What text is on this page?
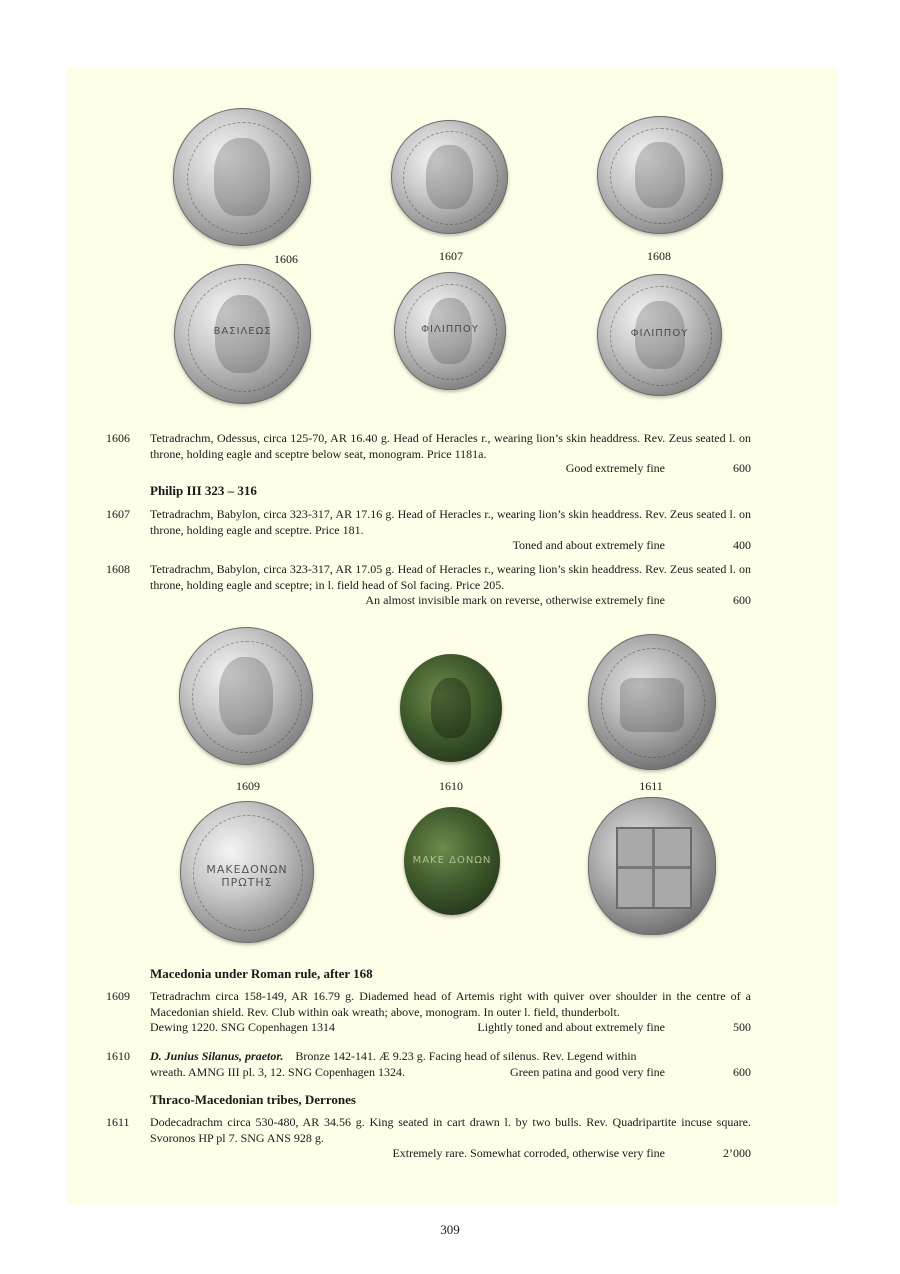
1606	1607	1608
ΒΑΣΙΛΕΩΣ	ΦΙΛΙΠΠΟΥ	ΦΙΛΙΠΠΟΥ
1606 Tetradrachm, Odessus, circa 125-70, AR 16.40 g. Head of Heracles r., wearing lion’s skin headdress. Rev. Zeus seated l. on throne, holding eagle and sceptre below seat, monogram. Price 1181a.
Good extremely fine	600
Philip III 323 – 316
1607 Tetradrachm, Babylon, circa 323-317, AR 17.16 g. Head of Heracles r., wearing lion’s skin headdress. Rev. Zeus seated l. on throne, holding eagle and sceptre. Price 181.
Toned and about extremely fine	400
1608 Tetradrachm, Babylon, circa 323-317, AR 17.05 g. Head of Heracles r., wearing lion’s skin headdress. Rev. Zeus seated l. on throne, holding eagle and sceptre; in l. field head of Sol facing. Price 205.
An almost invisible mark on reverse, otherwise extremely fine	600
1609	1610	1611
ΜΑΚΕΔΟΝΩΝ ΠΡΩΤΗΣ
ΜΑΚΕ ΔΟΝΩΝ
Macedonia under Roman rule, after 168
1609 Tetradrachm circa 158-149, AR 16.79 g. Diademed head of Artemis right with quiver over shoulder in the centre of a Macedonian shield. Rev. Club within oak wreath; above, monogram. In outer l. field, thunderbolt.
Dewing 1220. SNG Copenhagen 1314	Lightly toned and about extremely fine	500
1610 D. Junius Silanus, praetor. Bronze 142-141. Æ 9.23 g. Facing head of silenus. Rev. Legend within
wreath. AMNG III pl. 3, 12. SNG Copenhagen 1324.	Green patina and good very fine	600
Thraco-Macedonian tribes, Derrones
1611 Dodecadrachm circa 530-480, AR 34.56 g. King seated in cart drawn l. by two bulls. Rev. Quadripartite incuse square. Svoronos HP pl 7. SNG ANS 928 g.
Extremely rare. Somewhat corroded, otherwise very fine	2’000
309
